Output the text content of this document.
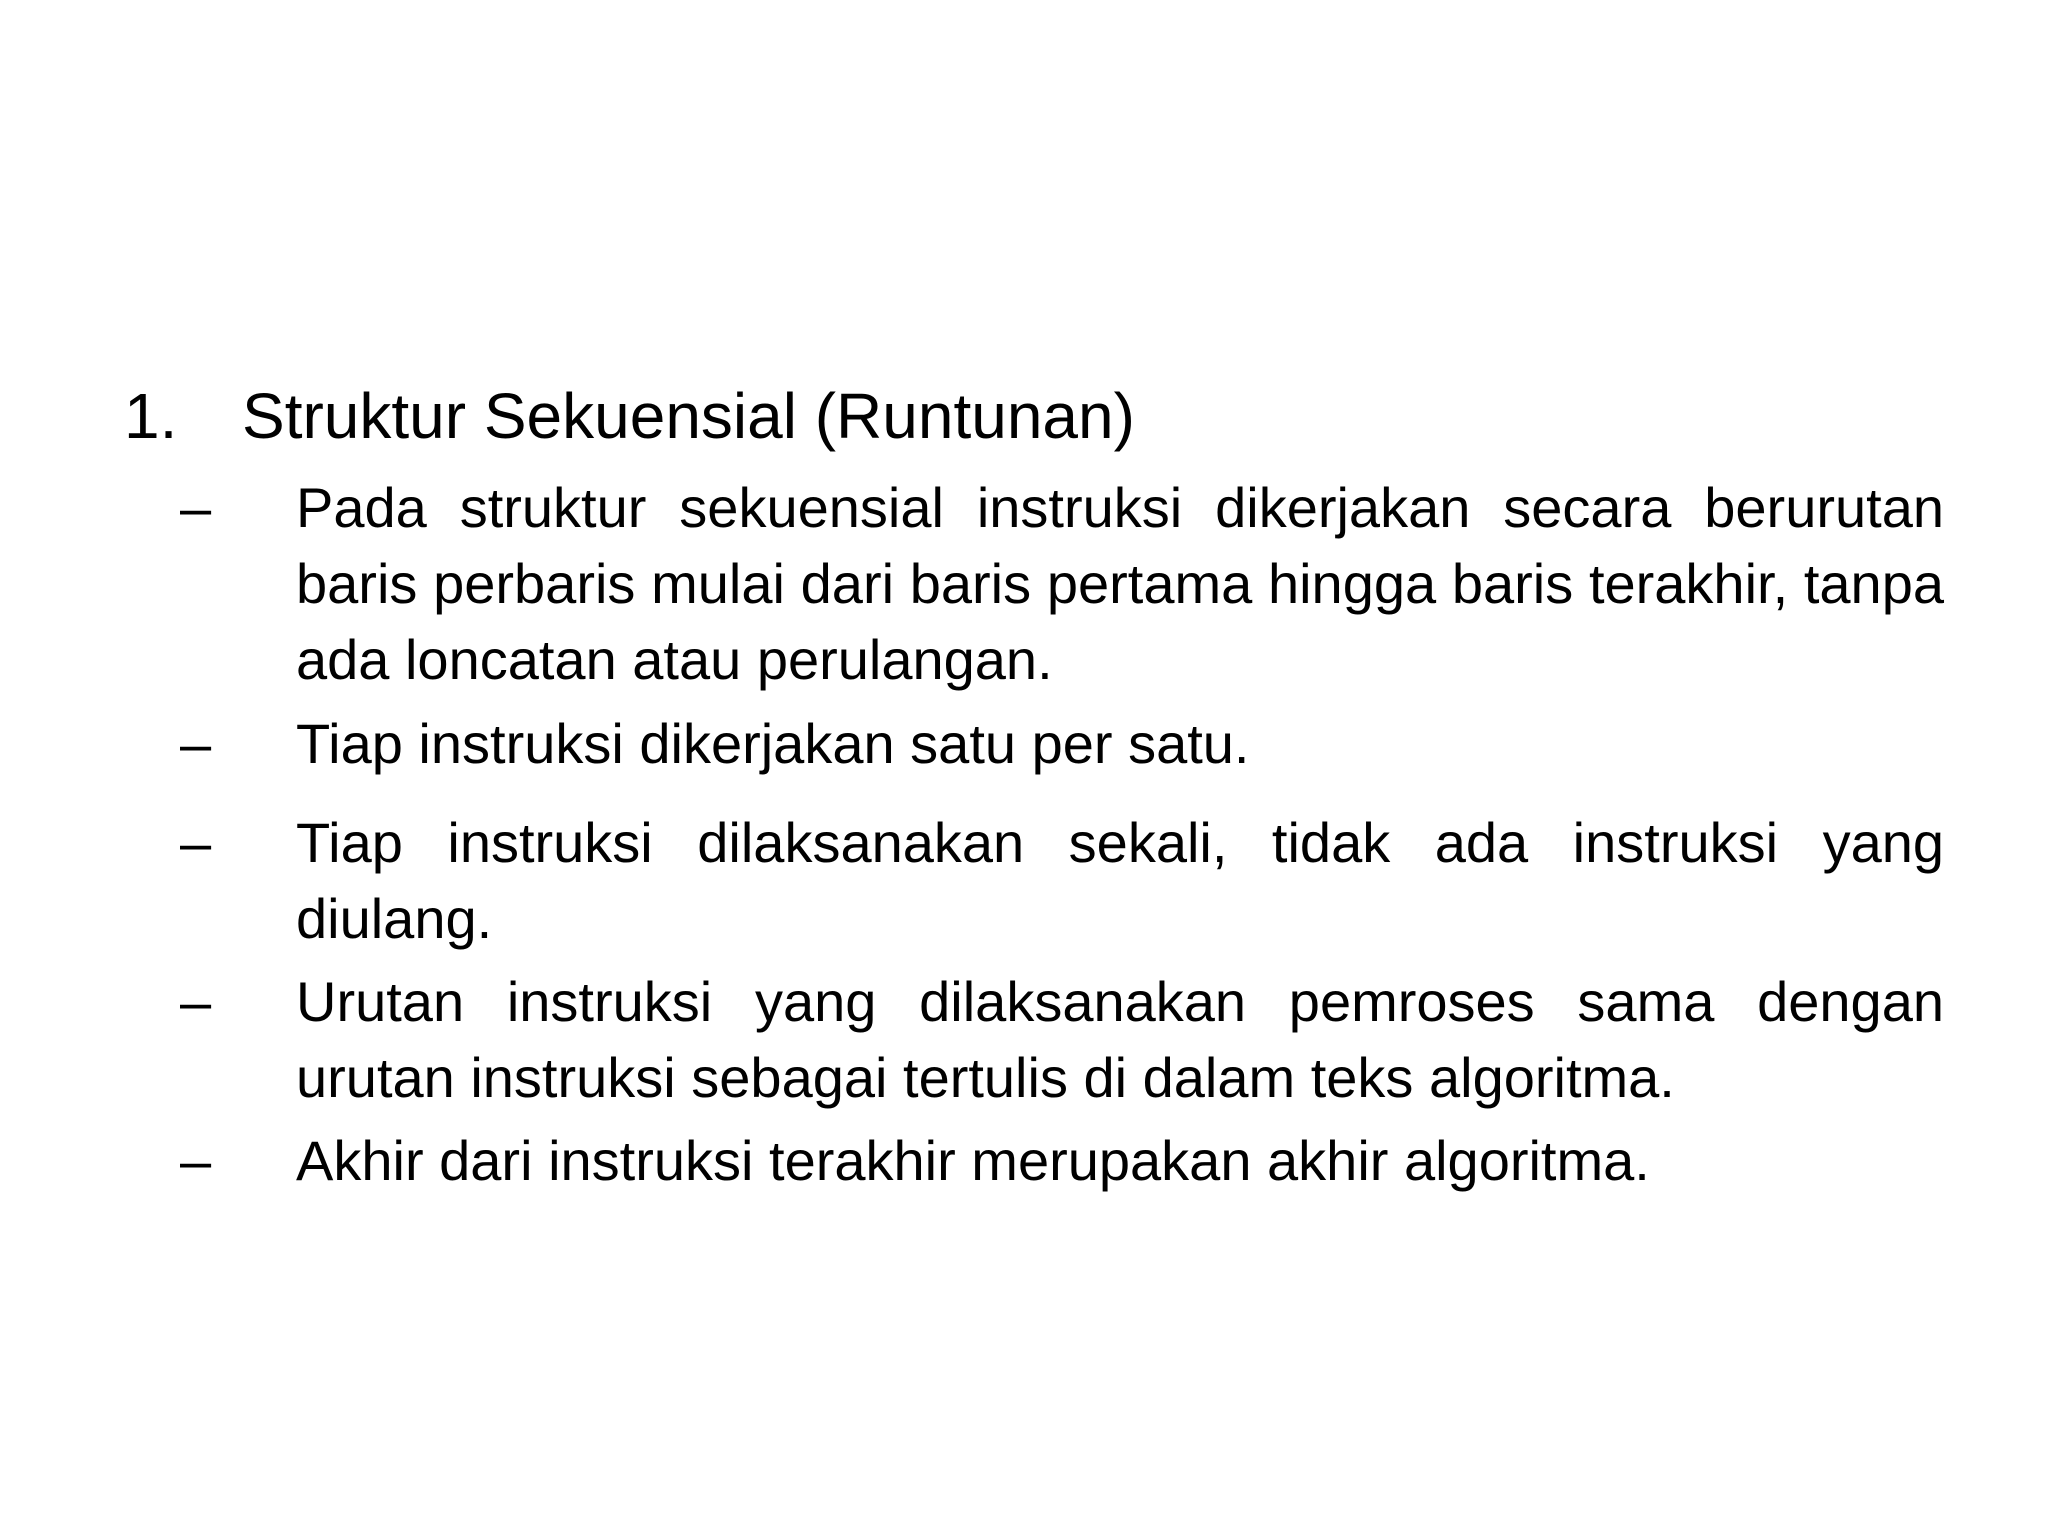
1.	Struktur Sekuensial (Runtunan)
–	Pada struktur sekuensial instruksi dikerjakan secara berurutan baris perbaris mulai dari baris pertama hingga baris terakhir, tanpa ada loncatan atau perulangan.
–	Tiap instruksi dikerjakan satu per satu.
–	Tiap instruksi dilaksanakan sekali, tidak ada instruksi yang diulang.
–	Urutan instruksi yang dilaksanakan pemroses sama dengan urutan instruksi sebagai tertulis di dalam teks algoritma.
–	Akhir dari instruksi terakhir merupakan akhir algoritma.
